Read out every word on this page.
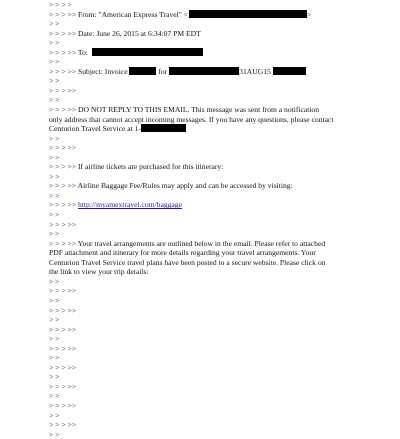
> > > >
> > > >> From: "American Express Travel" <	>
> >
> > > >> Date: June 26, 2015 at 6:34:07 PM EDT
> >
> > > >> To:
> >
> > > >> Subject: Invoice	for	31AUG15
> >
> > > >>
> >
> > > >> DO NOT REPLY TO THIS EMAIL. This message was sent from a notification
only address that cannot accept incoming messages. If you have any questions, please contact
Centurion Travel Service at 1-
> >
> > > >>
> >
> > > >> If airline tickets are purchased for this itinerary:
> >
> > > >> Airline Baggage Fee/Rules may apply and can be accessed by visiting:
> >
> > > >> http://myamextravel.com/baggage
> >
> > > >>
> >
> > > >> Your travel arrangements are outlined below in the email. Please refer to attached
PDF attachment and itinerary for more details regarding your travel arrangements. Your
Centurion Travel Service travel plans have been posted to a secure website. Please click on
the link to view your trip details:
> >
> > > >>
> >
> > > >>
> >
> > > >>
> >
> > > >>
> >
> > > >>
> >
> > > >>
> >
> > > >>
> >
> > > >>
> >
